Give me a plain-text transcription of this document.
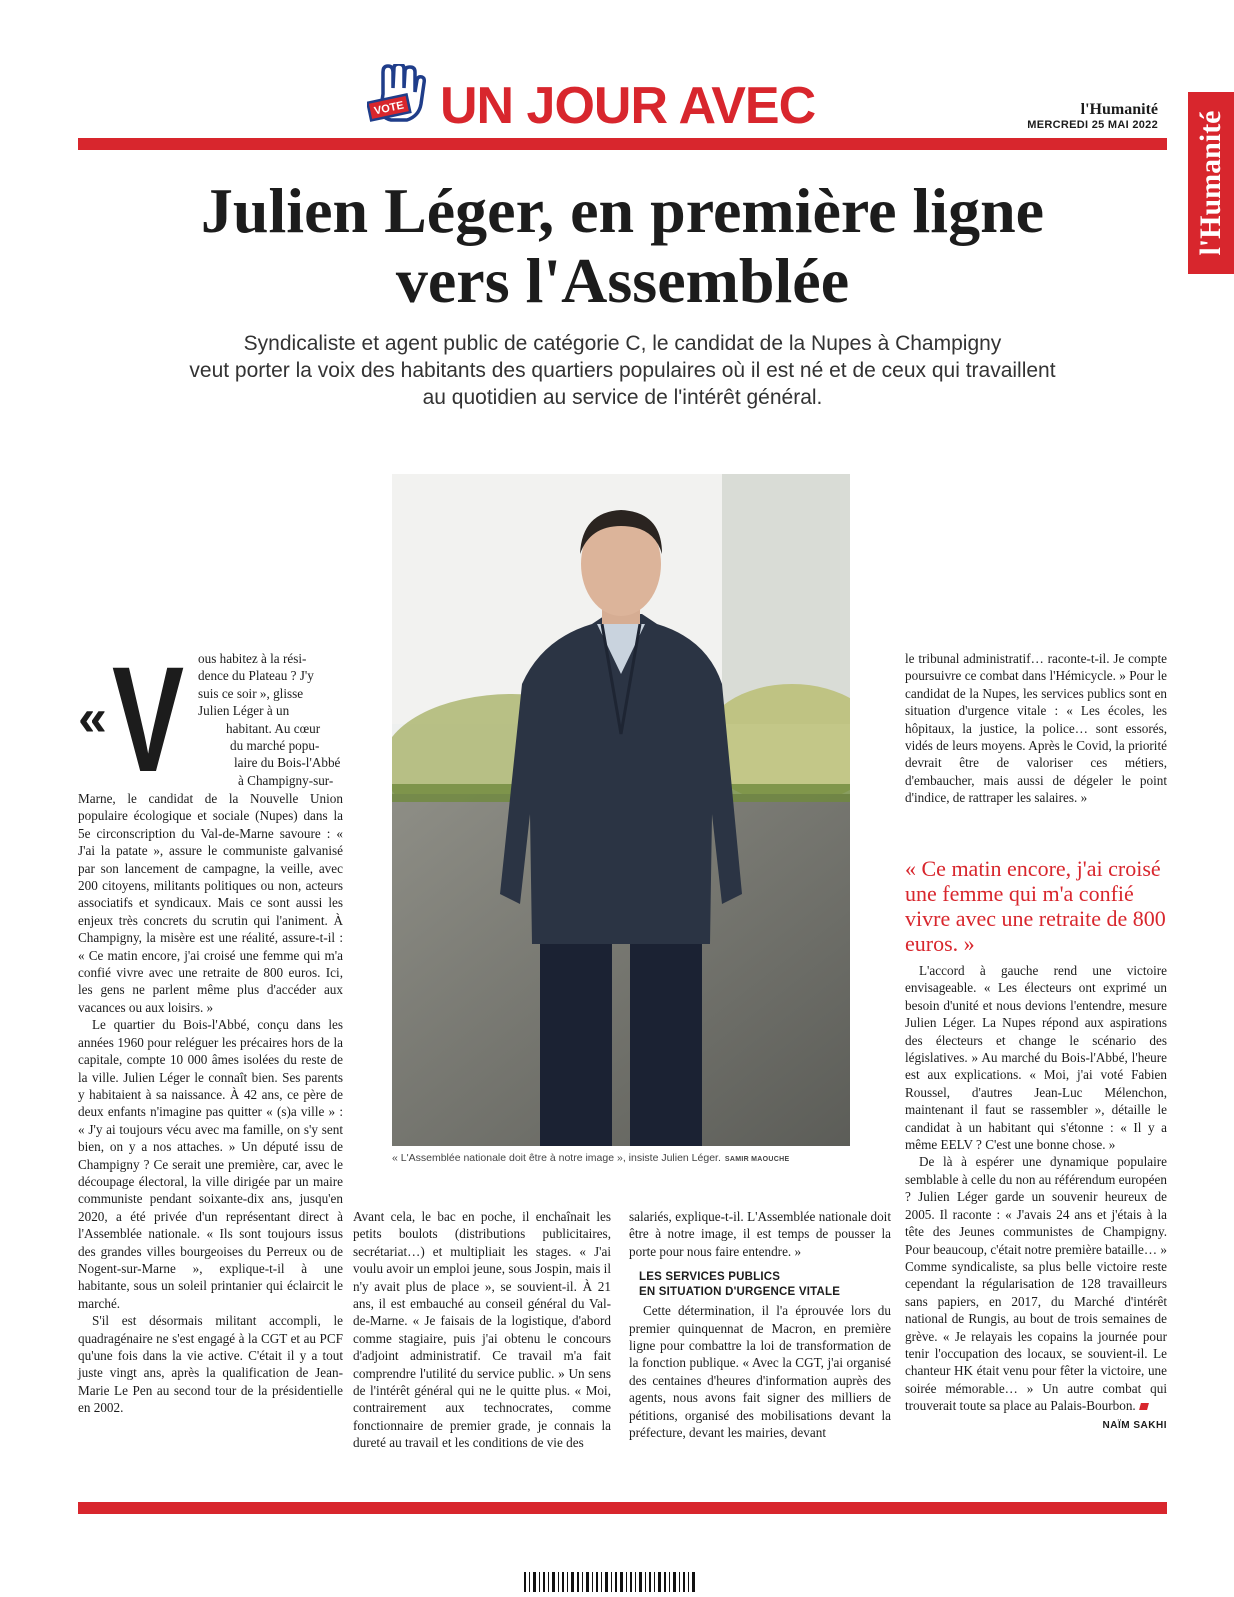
VOTE UN JOUR AVEC	l'Humanité
MERCREDI 25 MAI 2022 l'Humanité
Julien Léger, en première ligne
vers l'Assemblée
Syndicaliste et agent public de catégorie C, le candidat de la Nupes à Champigny
veut porter la voix des habitants des quartiers populaires où il est né et de ceux qui travaillent
au quotidien au service de l'intérêt général.
« L'Assemblée nationale doit être à notre image », insiste Julien Léger. SAMIR MAOUCHE
« V ous habitez à la rési-
dence du Plateau ? J'y
suis ce soir », glisse
Julien Léger à un
habitant. Au cœur
du marché popu-
laire du Bois-l'Abbé
à Champigny-sur-

Marne, le candidat de la Nouvelle Union populaire écologique et sociale (Nupes) dans la 5e circonscription du Val-de-Marne savoure : « J'ai la patate », assure le communiste galvanisé par son lancement de campagne, la veille, avec 200 citoyens, militants politiques ou non, acteurs associatifs et syndicaux. Mais ce sont aussi les enjeux très concrets du scrutin qui l'animent. À Champigny, la misère est une réalité, assure-t-il : « Ce matin encore, j'ai croisé une femme qui m'a confié vivre avec une retraite de 800 euros. Ici, les gens ne parlent même plus d'accéder aux vacances ou aux loisirs. »

Le quartier du Bois-l'Abbé, conçu dans les années 1960 pour reléguer les précaires hors de la capitale, compte 10 000 âmes isolées du reste de la ville. Julien Léger le connaît bien. Ses parents y habitaient à sa naissance. À 42 ans, ce père de deux enfants n'imagine pas quitter « (s)a ville » : « J'y ai toujours vécu avec ma famille, on s'y sent bien, on y a nos attaches. » Un député issu de Champigny ? Ce serait une première, car, avec le découpage électoral, la ville dirigée par un maire communiste pendant soixante-dix ans, jusqu'en 2020, a été privée d'un représentant direct à l'Assemblée nationale. « Ils sont toujours issus des grandes villes bourgeoises du Perreux ou de Nogent-sur-Marne », explique-t-il à une habitante, sous un soleil printanier qui éclaircit le marché.

S'il est désormais militant accompli, le quadragénaire ne s'est engagé à la CGT et au PCF qu'une fois dans la vie active. C'était il y a tout juste vingt ans, après la qualification de Jean-Marie Le Pen au second tour de la présidentielle en 2002.

Avant cela, le bac en poche, il enchaînait les petits boulots (distributions publicitaires, secrétariat…) et multipliait les stages. « J'ai voulu avoir un emploi jeune, sous Jospin, mais il n'y avait plus de place », se souvient-il. À 21 ans, il est embauché au conseil général du Val-de-Marne. « Je faisais de la logistique, d'abord comme stagiaire, puis j'ai obtenu le concours d'adjoint administratif. Ce travail m'a fait comprendre l'utilité du service public. » Un sens de l'intérêt général qui ne le quitte plus. « Moi, contrairement aux technocrates, comme fonctionnaire de premier grade, je connais la dureté au travail et les conditions de vie des

salariés, explique-t-il. L'Assemblée nationale doit être à notre image, il est temps de pousser la porte pour nous faire entendre. »

LES SERVICES PUBLICS
EN SITUATION D'URGENCE VITALE

Cette détermination, il l'a éprouvée lors du premier quinquennat de Macron, en première ligne pour combattre la loi de transformation de la fonction publique. « Avec la CGT, j'ai organisé des centaines d'heures d'information auprès des agents, nous avons fait signer des milliers de pétitions, organisé des mobilisations devant la préfecture, devant les mairies, devant

le tribunal administratif… raconte-t-il. Je compte poursuivre ce combat dans l'Hémicycle. » Pour le candidat de la Nupes, les services publics sont en situation d'urgence vitale : « Les écoles, les hôpitaux, la justice, la police… sont essorés, vidés de leurs moyens. Après le Covid, la priorité devrait être de valoriser ces métiers, d'embaucher, mais aussi de dégeler le point d'indice, de rattraper les salaires. »

« Ce matin encore, j'ai croisé une femme qui m'a confié vivre avec une retraite de 800 euros. »

L'accord à gauche rend une victoire envisageable. « Les électeurs ont exprimé un besoin d'unité et nous devions l'entendre, mesure Julien Léger. La Nupes répond aux aspirations des électeurs et change le scénario des législatives. » Au marché du Bois-l'Abbé, l'heure est aux explications. « Moi, j'ai voté Fabien Roussel, d'autres Jean-Luc Mélenchon, maintenant il faut se rassembler », détaille le candidat à un habitant qui s'étonne : « Il y a même EELV ? C'est une bonne chose. »

De là à espérer une dynamique populaire semblable à celle du non au référendum européen ? Julien Léger garde un souvenir heureux de 2005. Il raconte : « J'avais 24 ans et j'étais à la tête des Jeunes communistes de Champigny. Pour beaucoup, c'était notre première bataille… » Comme syndicaliste, sa plus belle victoire reste cependant la régularisation de 128 travailleurs sans papiers, en 2017, du Marché d'intérêt national de Rungis, au bout de trois semaines de grève. « Je relayais les copains la journée pour tenir l'occupation des locaux, se souvient-il. Le chanteur HK était venu pour fêter la victoire, une soirée mémorable… » Un autre combat qui trouverait toute sa place au Palais-Bourbon.

NAÏM SAKHI
